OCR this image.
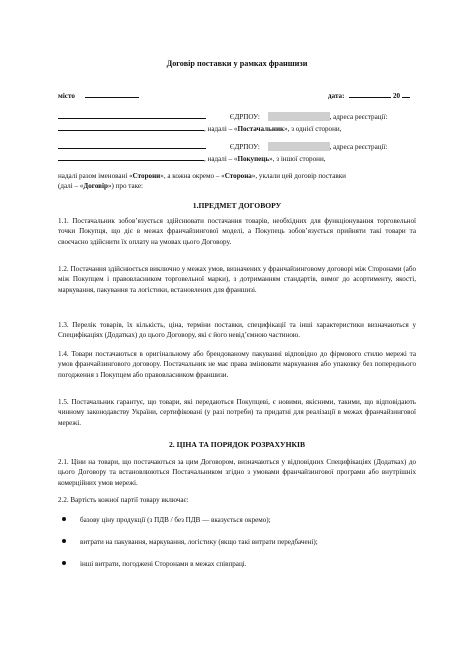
Договір поставки у рамках франшизи
місто	дата:	20
ЄДРПОУ:	, адреса реєстрації:
, надалі – «Постачальник», з однієї сторони,
ЄДРПОУ:	, адреса реєстрації:
, надалі – «Покупець», з іншої сторони,
надалі разом іменовані «Сторони», а кожна окремо – «Сторона», уклали цей договір поставки
(далі – «Договір») про таке:
1.ПРЕДМЕТ ДОГОВОРУ
1.1. Постачальник зобов’язується здійснювати постачання товарів, необхідних для функціонування торговельної точки Покупця, що діє в межах франчайзингової моделі, а Покупець зобов’язується прийняти такі товари та своєчасно здійснити їх оплату на умовах цього Договору.
1.2. Постачання здійснюється виключно у межах умов, визначених у франчайзинговому договорі між Сторонами (або між Покупцем і правовласником торговельної марки), з дотриманням стандартів, вимог до асортименту, якості, маркування, пакування та логістики, встановлених для франшизі.
1.3. Перелік товарів, їх кількість, ціна, терміни поставки, специфікації та інші характеристики визначаються у Специфікаціях (Додатках) до цього Договору, які є його невід’ємною частиною.
1.4. Товари постачаються в оригінальному або брендованому пакуванні відповідно до фірмового стилю мережі та умов франчайзингового договору. Постачальник не має права змінювати маркування або упаковку без попереднього погодження з Покупцем або правовласником франшизи.
1.5. Постачальник гарантує, що товари, які передаються Покупцеві, є новими, якісними, такими, що відповідають чинному законодавству України, сертифікованi (у разі потреби) та придатні для реалізації в межах франчайзингової мережі.
2. ЦІНА ТА ПОРЯДОК РОЗРАХУНКІВ
2.1. Ціни на товари, що постачаються за цим Договором, визначаються у відповідних Специфікаціях (Додатках) до цього Договору та встановлюються Постачальником згідно з умовами франчайзингової програми або внутрішніх комерційних умов мережі.
2.2. Вартість кожної партії товару включає:
базову ціну продукції (з ПДВ / без ПДВ — вказується окремо);
витрати на пакування, маркування, логістику (якщо такі витрати передбачені);
інші витрати, погоджені Сторонами в межах співпраці.
